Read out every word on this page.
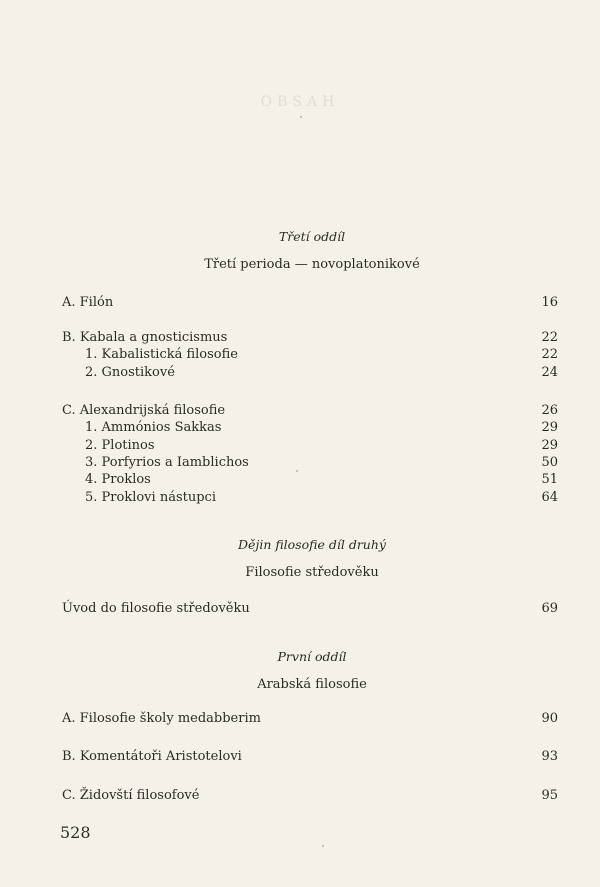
OBSAH
Třetí oddíl
Třetí perioda — novoplatonikové
A. Filón	16
B. Kabala a gnosticismus	22
1. Kabalistická filosofie	22
2. Gnostikové	24
C. Alexandrijská filosofie	26
1. Ammónios Sakkas	29
2. Plotinos	29
3. Porfyrios a Iamblichos	50
4. Proklos	51
5. Proklovi nástupci	64
Dějin filosofie díl druhý
Filosofie středověku
Úvod do filosofie středověku	69
První oddíl
Arabská filosofie
A. Filosofie školy medabberim	90
B. Komentátoři Aristotelovi	93
C. Židovští filosofové	95
528
